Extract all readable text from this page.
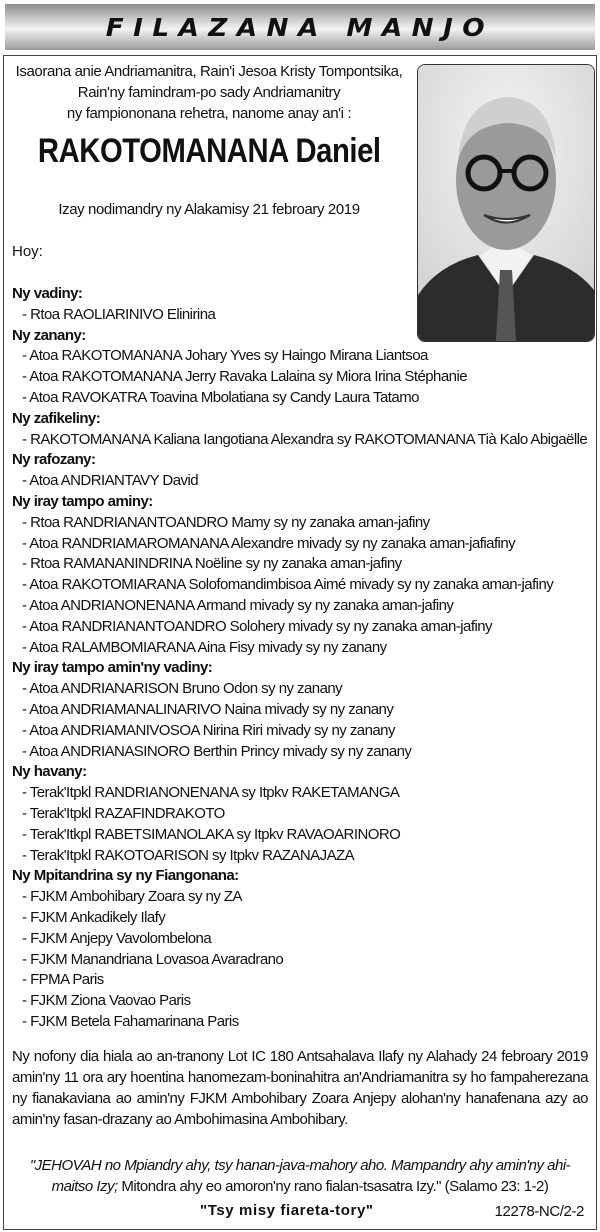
FILAZANA MANJO
Isaorana anie Andriamanitra, Rain'i Jesoa Kristy Tompontsika,
Rain'ny famindram-po sady Andriamanitry
ny fampiononana rehetra, nanome anay an'i :
RAKOTOMANANA Daniel
Izay nodimandry ny Alakamisy 21 febroary 2019
Hoy:
Ny vadiny:
- Rtoa RAOLIARINIVO Elinirina
Ny zanany:
- Atoa RAKOTOMANANA Johary Yves sy Haingo Mirana Liantsoa
- Atoa RAKOTOMANANA Jerry Ravaka Lalaina sy Miora Irina Stéphanie
- Atoa RAVOKATRA Toavina Mbolatiana sy Candy Laura Tatamo
Ny zafikeliny:
- RAKOTOMANANA Kaliana Iangotiana Alexandra sy RAKOTOMANANA Tià Kalo Abigaëlle
Ny rafozany:
- Atoa ANDRIANTAVY David
Ny iray tampo aminy:
- Rtoa RANDRIANANTOANDRO Mamy sy ny zanaka aman-jafiny
- Atoa RANDRIAMAROMANANA Alexandre mivady sy ny zanaka aman-jafiafiny
- Rtoa RAMANANINDRINA Noëline sy ny zanaka aman-jafiny
- Atoa RAKOTOMIARANA Solofomandimbisoa Aimé mivady sy ny zanaka aman-jafiny
- Atoa ANDRIANONENANA Armand mivady sy ny zanaka aman-jafiny
- Atoa RANDRIANANTOANDRO Solohery mivady sy ny zanaka aman-jafiny
- Atoa RALAMBOMIARANA Aina Fisy mivady sy ny zanany
Ny iray tampo amin'ny vadiny:
- Atoa ANDRIANARISON Bruno Odon sy ny zanany
- Atoa ANDRIAMANALINARIVO Naina mivady sy ny zanany
- Atoa ANDRIAMANIVOSOA Nirina Riri mivady sy ny zanany
- Atoa ANDRIANASINORO Berthin Princy mivady sy ny zanany
Ny havany:
- Terak'Itpkl RANDRIANONENANA sy Itpkv RAKETAMANGA
- Terak'Itpkl RAZAFINDRAKOTO
- Terak'Itkpl RABETSIMANOLAKA sy Itpkv RAVAOARINORO
- Terak'Itpkl RAKOTOARISON sy Itpkv RAZANAJAZA
Ny Mpitandrina sy ny Fiangonana:
- FJKM Ambohibary Zoara sy ny ZA
- FJKM Ankadikely Ilafy
- FJKM Anjepy Vavolombelona
- FJKM Manandriana Lovasoa Avaradrano
- FPMA Paris
- FJKM Ziona Vaovao Paris
- FJKM Betela Fahamarinana Paris
Ny nofony dia hiala ao an-tranony Lot IC 180 Antsahalava Ilafy ny Alahady 24 febroary 2019 amin'ny 11 ora ary hoentina hanomezam-boninahitra an'Andriamanitra sy ho fampaherezana ny fianakaviana ao amin'ny FJKM Ambohibary Zoara Anjepy alohan'ny hanafenana azy ao amin'ny fasan-drazany ao Ambohimasina Ambohibary.
"JEHOVAH no Mpiandry ahy, tsy hanan-java-mahory aho. Mampandry ahy amin'ny ahi-maitso Izy; Mitondra ahy eo amoron'ny rano fialan-tsasatra Izy." (Salamo 23: 1-2)
"Tsy misy fiareta-tory"	12278-NC/2-2
